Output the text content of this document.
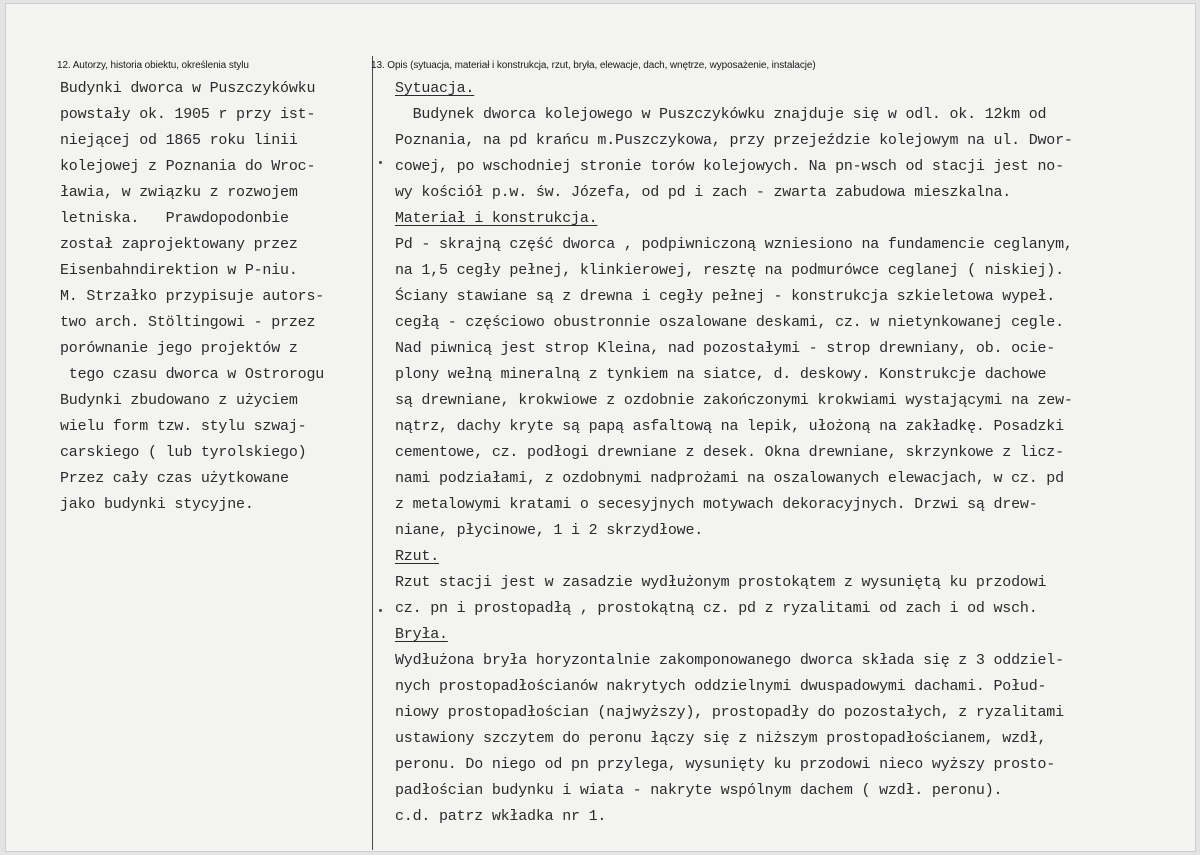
12. Autorzy, historia obiektu, określenia stylu	13. Opis (sytuacja, materiał i konstrukcja, rzut, bryła, elewacje, dach, wnętrze, wyposażenie, instalacje)
Budynki dworca w Puszczykówku
powstały ok. 1905 r przy ist-
niejącej od 1865 roku linii
kolejowej z Poznania do Wroc-
ławia, w związku z rozwojem
letniska.   Prawdopodonbie
został zaprojektowany przez
Eisenbahndirektion w P-niu.
M. Strzałko przypisuje autors-
two arch. Stöltingowi - przez
porównanie jego projektów z
tego czasu dworca w Ostrorogu
Budynki zbudowano z użyciem
wielu form tzw. stylu szwaj-
carskiego ( lub tyrolskiego)
Przez cały czas użytkowane
jako budynki stycyjne.
Sytuacja.
Budynek dworca kolejowego w Puszczykówku znajduje się w odl. ok. 12km od
Poznania, na pd krańcu m.Puszczykowa, przy przejeździe kolejowym na ul. Dwor-
cowej, po wschodniej stronie torów kolejowych. Na pn-wsch od stacji jest no-
wy kościół p.w. św. Józefa, od pd i zach - zwarta zabudowa mieszkalna.
Materiał i konstrukcja.
Pd - skrajną część dworca , podpiwniczoną wzniesiono na fundamencie ceglanym,
na 1,5 cegły pełnej, klinkierowej, resztę na podmurówce ceglanej ( niskiej).
Ściany stawiane są z drewna i cegły pełnej - konstrukcja szkieletowa wypeł.
cegłą - częściowo obustronnie oszalowane deskami, cz. w nietynkowanej cegle.
Nad piwnicą jest strop Kleina, nad pozostałymi - strop drewniany, ob. ocie-
plony wełną mineralną z tynkiem na siatce, d. deskowy. Konstrukcje dachowe
są drewniane, krokwiowe z ozdobnie zakończonymi krokwiami wystającymi na zew-
nątrz, dachy kryte są papą asfaltową na lepik, ułożoną na zakładkę. Posadzki
cementowe, cz. podłogi drewniane z desek. Okna drewniane, skrzynkowe z licz-
nami podziałami, z ozdobnymi nadprożami na oszalowanych elewacjach, w cz. pd
z metalowymi kratami o secesyjnych motywach dekoracyjnych. Drzwi są drew-
niane, płycinowe, 1 i 2 skrzydłowe.
Rzut.
Rzut stacji jest w zasadzie wydłużonym prostokątem z wysuniętą ku przodowi
cz. pn i prostopadłą , prostokątną cz. pd z ryzalitami od zach i od wsch.
Bryła.
Wydłużona bryła horyzontalnie zakomponowanego dworca składa się z 3 oddziel-
nych prostopadłościanów nakrytych oddzielnymi dwuspadowymi dachami. Połud-
niowy prostopadłościan (najwyższy), prostopadły do pozostałych, z ryzalitami
ustawiony szczytem do peronu łączy się z niższym prostopadłościanem, wzdł,
peronu. Do niego od pn przylega, wysunięty ku przodowi nieco wyższy prosto-
padłościan budynku i wiata - nakryte wspólnym dachem ( wzdł. peronu).
c.d. patrz wkładka nr 1.
